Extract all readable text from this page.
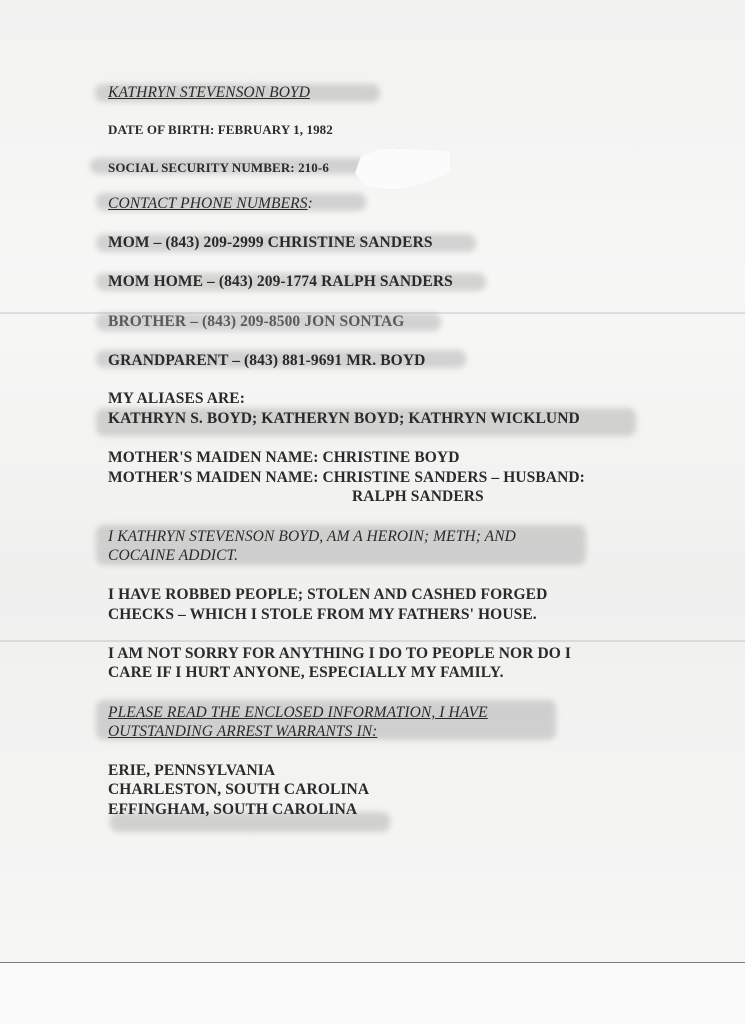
KATHRYN STEVENSON BOYD
DATE OF BIRTH: FEBRUARY 1, 1982
SOCIAL SECURITY NUMBER: 210-6
CONTACT PHONE NUMBERS:
MOM – (843) 209-2999 CHRISTINE SANDERS
MOM HOME – (843) 209-1774 RALPH SANDERS
BROTHER – (843) 209-8500 JON SONTAG
GRANDPARENT – (843) 881-9691 MR. BOYD
MY ALIASES ARE:
KATHRYN S. BOYD; KATHERYN BOYD; KATHRYN WICKLUND
MOTHER'S MAIDEN NAME: CHRISTINE BOYD
MOTHER'S MAIDEN NAME: CHRISTINE SANDERS – HUSBAND:
RALPH SANDERS
I KATHRYN STEVENSON BOYD, AM A HEROIN; METH; AND
COCAINE ADDICT.
I HAVE ROBBED PEOPLE; STOLEN AND CASHED FORGED
CHECKS – WHICH I STOLE FROM MY FATHERS' HOUSE.
I AM NOT SORRY FOR ANYTHING I DO TO PEOPLE NOR DO I
CARE IF I HURT ANYONE, ESPECIALLY MY FAMILY.
PLEASE READ THE ENCLOSED INFORMATION, I HAVE
OUTSTANDING ARREST WARRANTS IN:
ERIE, PENNSYLVANIA
CHARLESTON, SOUTH CAROLINA
EFFINGHAM, SOUTH CAROLINA
